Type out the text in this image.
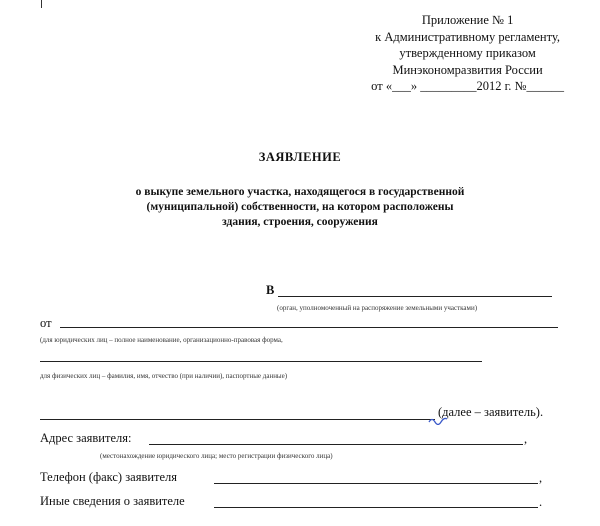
Приложение № 1
к Административному регламенту,
утвержденному приказом
Минэкономразвития России
от «___» _________2012 г. №______
ЗАЯВЛЕНИЕ
о выкупе земельного участка, находящегося в государственной
(муниципальной) собственности, на котором расположены
здания, строения, сооружения
В
(орган, уполномоченный на распоряжение земельными участками)
от
(для юридических лиц – полное наименование, организационно-правовая форма,
для физических лиц – фамилия, имя, отчество (при наличии), паспортные данные)
(далее – заявитель).
Адрес заявителя:	,
(местонахождение юридического лица; место регистрации физического лица)
Телефон (факс) заявителя	,
Иные сведения о заявителе	.
